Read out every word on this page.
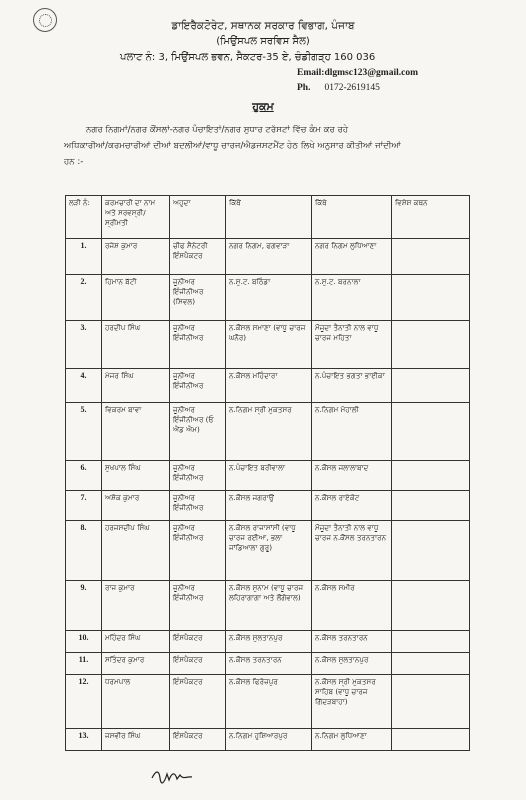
ਡਾਇਰੈਕਟੋਰੇਟ, ਸਥਾਨਕ ਸਰਕਾਰ ਵਿਭਾਗ, ਪੰਜਾਬ
(ਮਿਉਂਸਪਲ ਸਰਵਿਸ ਸੈਲ)
ਪਲਾਟ ਨੰ: 3, ਮਿਉਂਸਪਲ ਭਵਨ, ਸੈਕਟਰ-35 ਏ, ਚੰਡੀਗੜ੍ਹ 160 036
Email:dlgmsc123@gmail.com
Ph. 0172-2619145
ਹੁਕਮ

ਨਗਰ ਨਿਗਮਾਂ/ਨਗਰ ਕੌਂਸਲਾਂ-ਨਗਰ ਪੰਚਾਇਤਾਂ/ਨਗਰ ਸੁਧਾਰ ਟਰੱਸਟਾਂ ਵਿੱਚ ਕੰਮ ਕਰ ਰਹੇ

ਅਧਿਕਾਰੀਆਂ/ਕਰਮਚਾਰੀਆਂ ਦੀਆਂ ਬਦਲੀਆਂ/ਵਾਧੂ ਚਾਰਜ/ਐਡਜਸਟਮੈਂਟ ਹੇਠ ਲਿਖੇ ਅਨੁਸਾਰ ਕੀਤੀਆਂ ਜਾਂਦੀਆਂ

ਹਨ :-

ਲੜੀ ਨੰ:	ਕਰਮਚਾਰੀ ਦਾ ਨਾਮ ਅਤੇ ਸਰਵਸ੍ਰੀ/ਸ੍ਰੀਮਤੀ	ਅਹੁਦਾ	ਕਿੱਥੋਂ	ਕਿੱਥੇ	ਵਿਸ਼ੇਸ਼ ਕਥਨ
1.	ਰਜੇਸ਼ ਕੁਮਾਰ	ਚੀਫ ਸੈਨੇਟਰੀ ਇੰਸਪੈਕਟਰ	ਨਗਰ ਨਿਗਮ, ਫਗਵਾੜਾ	ਨਗਰ ਨਿਗਮ ਲੁਧਿਆਣਾ	
2.	ਹਿਮਾਨ ਬੱਟੀ	ਜੂਨੀਅਰ ਇੰਜੀਨੀਅਰ (ਸਿਵਲ)	ਨ.ਸੁ.ਟ. ਬਠਿੰਡਾ	ਨ.ਸੁ.ਟ. ਬਰਨਾਲਾ	
3.	ਹਰਦੀਪ ਸਿੰਘ	ਜੂਨੀਅਰ ਇੰਜੀਨੀਅਰ	ਨ.ਕੌਂਸਲ ਸਮਾਣਾ (ਵਾਧੂ ਚਾਰਜ ਘਨੌਰ)	ਮੌਜੂਦਾ ਤੈਨਾਤੀ ਨਾਲ ਵਾਧੂ ਚਾਰਜ ਮਹਿਤਾ	
4.	ਮੇਜਰ ਸਿੰਘ	ਜੂਨੀਅਰ ਇੰਜੀਨੀਅਰ	ਨ.ਕੌਂਸਲ ਮਹਿੰਦਾਰਾ	ਨ.ਪੰਚਾਇਤ ਭਗਤਾ ਭਾਈਕਾ	
5.	ਵਿਕਰਮ ਬਾਵਾ	ਜੂਨੀਅਰ ਇੰਜੀਨੀਅਰ (ਓ ਐਂਡ ਐਮ)	ਨ.ਨਿਗਮ ਸ੍ਰੀ ਮੁਕਤਸਰ	ਨ.ਨਿਗਮ ਮੋਹਾਲੀ	
6.	ਸੁਖਪਾਲ ਸਿੰਘ	ਜੂਨੀਅਰ ਇੰਜੀਨੀਅਰ	ਨ.ਪੰਚਾਇਤ ਬਰੀਵਾਲਾ	ਨ.ਕੌਂਸਲ ਜਲਾਲਾਬਾਦ	
7.	ਅਸ਼ੋਕ ਕੁਮਾਰ	ਜੂਨੀਅਰ ਇੰਜੀਨੀਅਰ	ਨ.ਕੌਂਸਲ ਜਗਰਾਉਂ	ਨ.ਕੌਂਸਲ ਰਾਏਕੋਟ	
8.	ਹਰਜਸਦੀਪ ਸਿੰਘ	ਜੂਨੀਅਰ ਇੰਜੀਨੀਅਰ	ਨ.ਕੌਂਸਲ ਰਾਜਾਸਾਂਸੀ (ਵਾਧੂ ਚਾਰਜ ਰਈਆ, ਭਲਾ ਜਾਂਡਿਆਲਾ ਗੁਰੂ)	ਮੌਜੂਦਾ ਤੈਨਾਤੀ ਨਾਲ ਵਾਧੂ ਚਾਰਜ ਨ.ਕੌਂਸਲ ਤਰਨਤਾਰਨ	
9.	ਰਾਜ ਕੁਮਾਰ	ਜੂਨੀਅਰ ਇੰਜੀਨੀਅਰ	ਨ.ਕੌਂਸਲ ਸੁਨਾਮ (ਵਾਧੂ ਚਾਰਜ ਲਹਿਰਾਗਾਗਾ ਅਤੇ ਲੌਂਗੋਵਾਲ)	ਨ.ਕੌਂਸਲ ਸਮੀਰ	
10.	ਮਹਿੰਦਰ ਸਿੰਘ	ਇੰਸਪੈਕਟਰ	ਨ.ਕੌਂਸਲ ਸੁਲਤਾਨਪੁਰ	ਨ.ਕੌਂਸਲ ਤਰਨਤਾਰਨ	
11.	ਸਤਿੰਦਰ ਕੁਮਾਰ	ਇੰਸਪੈਕਟਰ	ਨ.ਕੌਂਸਲ ਤਰਨਤਾਰਨ	ਨ.ਕੌਂਸਲ ਸੁਲਤਾਨਪੁਰ	
12.	ਧਰਮਪਾਲ	ਇੰਸਪੈਕਟਰ	ਨ.ਕੌਂਸਲ ਫਿਰੋਜ਼ਪੁਰ	ਨ.ਕੌਂਸਲ ਸ੍ਰੀ ਮੁਕਤਸਰ ਸਾਹਿਬ (ਵਾਧੂ ਚਾਰਜ ਗਿੱਦੜਬਾਹਾ)	
13.	ਜਸਵੀਰ ਸਿੰਘ	ਇੰਸਪੈਕਟਰ	ਨ.ਨਿਗਮ ਹੁਸ਼ਿਆਰਪੁਰ	ਨ.ਨਿਗਮ ਲੁਧਿਆਣਾ	
